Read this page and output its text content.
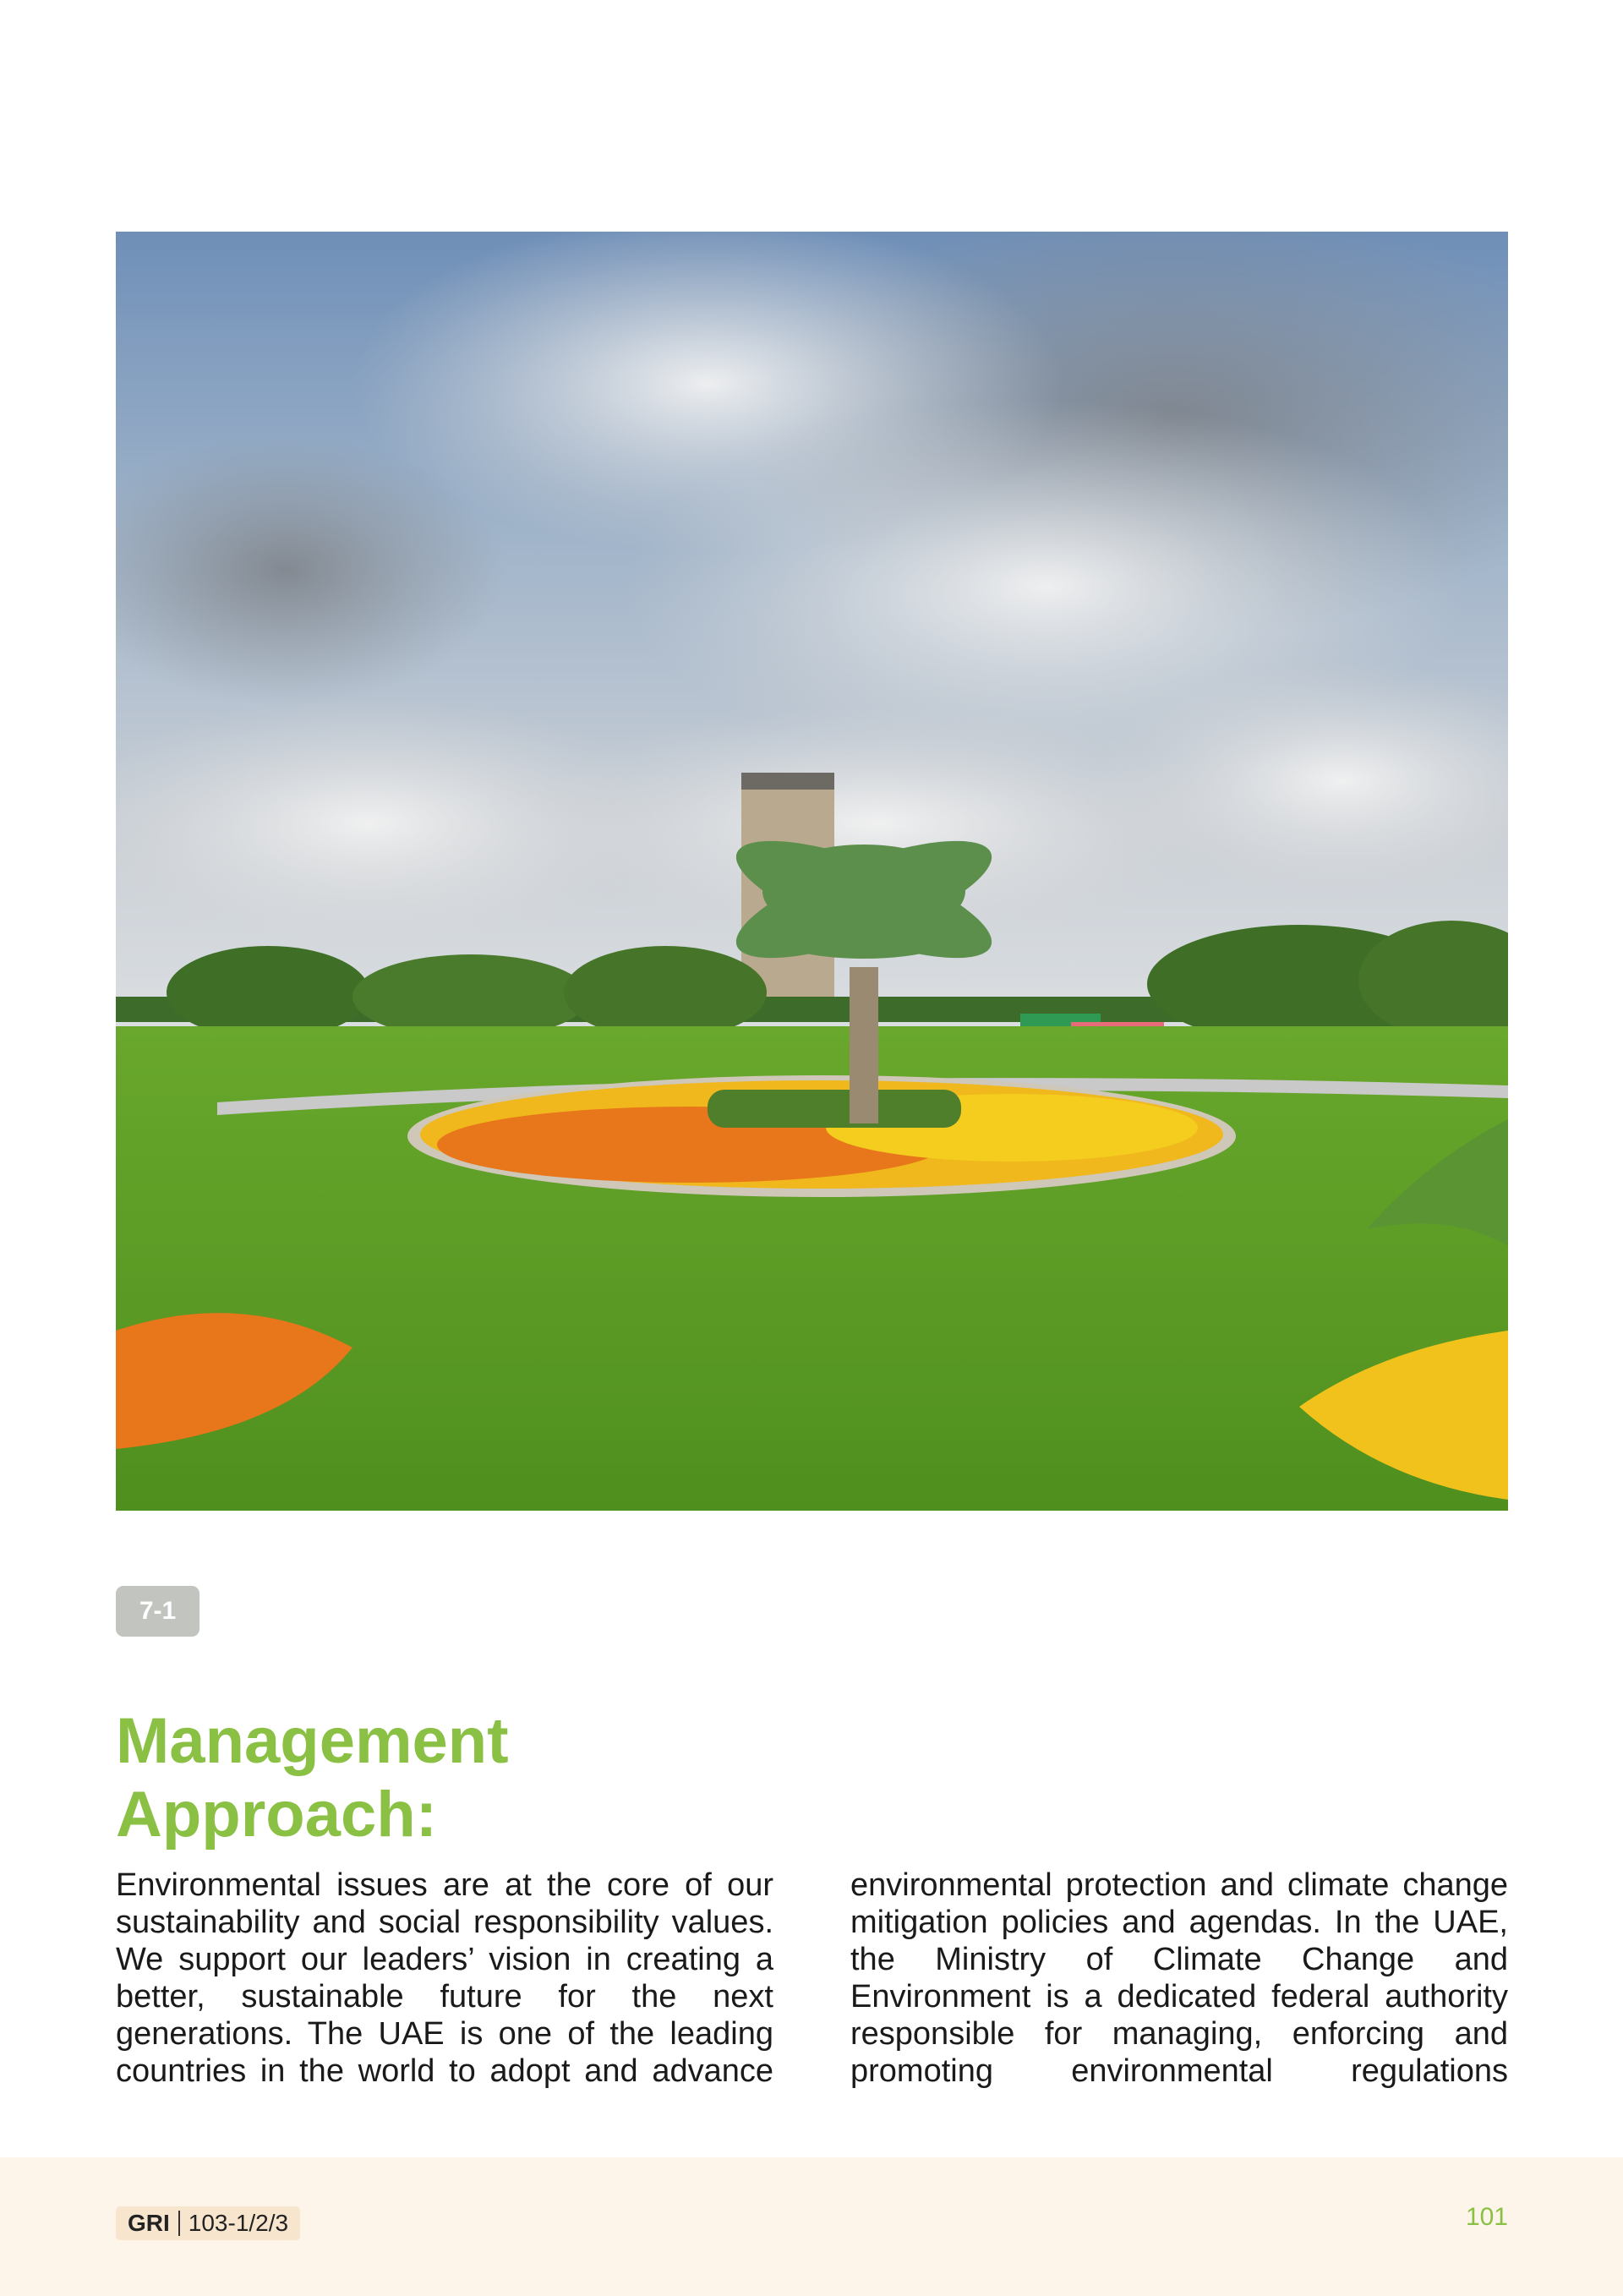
7-1
Management
Approach:

Environmental issues are at the core of our sustainability and social responsibility values. We support our leaders’ vision in creating a better, sustainable future for the next generations. The UAE is one of the leading countries in the world to adopt and advance

environmental protection and climate change mitigation policies and agendas. In the UAE, the Ministry of Climate Change and Environment is a dedicated federal authority responsible for managing, enforcing and promoting environmental regulations

GRI 103-1/2/3	101
